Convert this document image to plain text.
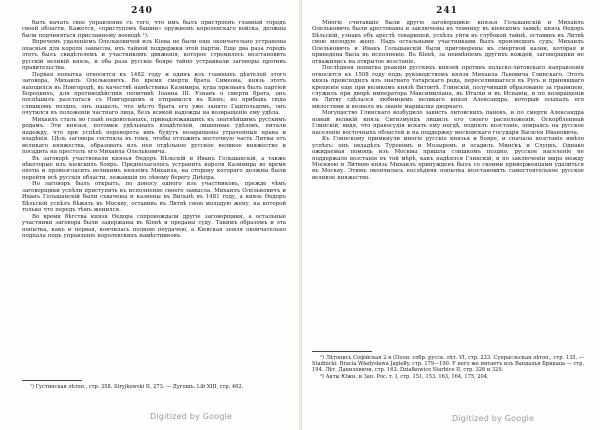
240

быть начать свое управление съ того, что имъ былъ пристроенъ главный городъ своей области. Кажется, «приступомъ башни» оружиемъ королевскаго войска, должны были подчиняться присланному воеводѣ ¹).

Впрочемъ удаленіемъ Олельковичей изъ Кіева не были еще окончательно устранены опасныя для короля замыслы, ихъ тайной поддержки этой партіи. Еще два раза городъ этотъ былъ свидѣтелемъ и участникомъ движенія, которое стремилось возстановить русскій великій князь, и оба раза русскіе бояре тайно устраивали заговоры противъ правительства.

Первая попытка относится къ 1482 году и одинъ изъ главныхъ дѣятелей этого заговора, Михаилъ Олельковичъ. Во время смерти брата Симеона, князь этотъ находился въ Новгородѣ, въ качествѣ намѣстника Казимира, куда призванъ былъ партіей Борецкихъ, для противодѣйствія политикѣ Іоанна III. Узнавъ о смерти брата, онъ поспѣшилъ разстаться съ Новгородомъ и отправился въ Кіевъ; но прибывъ сюда слишкомъ поздно, онъ нашелъ, что мѣсто брата его уже занято Гаштольдомъ, онъ очутился въ положеніи частнаго лица, безъ всякой надежды на возвращеніе ему удѣла.

Михаилъ сталъ во главѣ недовольныхъ, принадлежавшихъ къ знатнѣйшимъ русскимъ родамъ. Эти князья, потомки удѣльныхъ владѣтелей, лишенные удѣловъ, питали надежду, что при успѣхѣ переворота имъ будутъ возвращены утраченныя права и владѣнія. Цѣль заговора состояла въ томъ, чтобы отложить восточную часть Литвы отъ великаго княжества, образовать изъ нея отдѣльное русское великое княжество и посадить на престолъ его Михаила Олельковича.

Въ заговорѣ участвовали князья Ѳедоръ Бѣльскій и Иванъ Гольшанскій, а также нѣкоторые изъ кіевскихъ бояръ. Предполагалось устранить короля Казимира во время охоты и провозгласить великимъ княземъ Михаила, на сторону котораго должны были перейти всѣ русскія области, лежавшія по лѣвому берегу Днѣпра.

Но заговоръ былъ открытъ, по доносу одного изъ участниковъ, прежде чѣмъ заговорщики успѣли приступить къ исполненію своего замысла. Михаилъ Олельковичъ и Иванъ Гольшанскій были схвачены и казнены въ Вильнѣ въ 1481 году, а князь Ѳедоръ Бѣльскій успѣлъ бѣжать въ Москву, оставивъ въ Литвѣ свою молодую жену, на которой только что передъ тѣмъ женился.

Во время бѣгства князя Ѳедора сопровождали другіе заговорщики, а остальные участники заговора были задержаны въ Кіевѣ и преданы суду. Такимъ образомъ и эта попытка, какъ и первая, кончилась полною неудачею, а Кіевская земля окончательно подпала подъ управленіе королевскихъ намѣстниковъ.

¹) Густинская лѣтоп., стр. 358. Stryjkowski II, 273. — Дугошъ. Lib XIII, стр. 462.

Digitized by Google
241

Многіе считавшіе были другіе заговорщики: князья Гольшанскій и Михаилъ Олельковичъ были арестованы и заключены въ темницу въ кіевскомъ замкѣ; князь Ѳедоръ Бѣльскій, узнавъ объ арестѣ товарищей, успѣлъ уйти въ глубокой тайнѣ, оставивъ въ Литвѣ свою молодую жену. Надъ остальными участниками былъ произведенъ судъ; Михаилъ Олельковичъ и Иванъ Гольшанскій были приговорены къ смертной казни, которая и приведена была въ исполненіе. Въ Кіевѣ, за неимѣніемъ другихъ вождей, заговорщики не отважились на открытое возстаніе.

Послѣдняя попытка реакціи русскихъ князей противъ польско-литовскаго направленія относится къ 1508 году подъ руководствомъ князя Михаила Львовича Глинскаго. Этотъ князь происходилъ изъ знатнаго татарскаго рода, переселившагося въ Русь и принявшаго крещеніе еще при великомъ князѣ Витовтѣ. Глинскій, получившій образованіе за границею, служилъ при дворѣ императора Максимиліана, въ Италіи и въ Испаніи, и по возвращеніи въ Литву сдѣлался любимцемъ великаго князя Александра, который осыпалъ его милостями и возвелъ въ званіе маршалка дворнаго.

Могущество Глинскаго возбудило зависть литовскихъ пановъ, и по смерти Александра новый великій князь Сигизмундъ лишилъ его своего расположенія. Оскорбленный Глинскій, видя, что правосудія искать ему негдѣ, поднялъ возстаніе, опираясь на русское населеніе восточныхъ областей и на поддержку московскаго государя Василія Ивановича.

Къ Глинскому примкнули многіе русскіе князья и бояре, и сначала возстаніе имѣло успѣхъ: онъ овладѣлъ Туровомъ и Мозыремъ и осадилъ Минскъ и Слуцкъ. Однако ожидаемая помощь изъ Москвы пришла слишкомъ поздно, русское населеніе не поддержало возстанія въ той мѣрѣ, какъ надѣялся Глинскій, и по заключеніи мира между Москвою и Литвою князь Михаилъ принужденъ былъ со своими приверженцами удалиться въ Москву. Этимъ окончилась послѣдняя попытка возстановить самостоятельное русское великое княжество.

¹) Лѣтопись Софійская 2-я (Полн. собр. русск. лѣт. VI, стр. 233. Супрасльская лѣтоп., стр. 135. — Stadnicki: Bracia Władysława Jagiełły, стр. 179—190. У него же питаетъ изъ Вандалья Брикаца — стр. 194. Лѣт. Даниловичи, стр. 163. Działkowice Starbice II, стр. 326 и 329.

²) Акты Южн. и Зап. Рос. т. I, стр. 151, 153, 163, 164, 175, 204.

Digitized by Google
